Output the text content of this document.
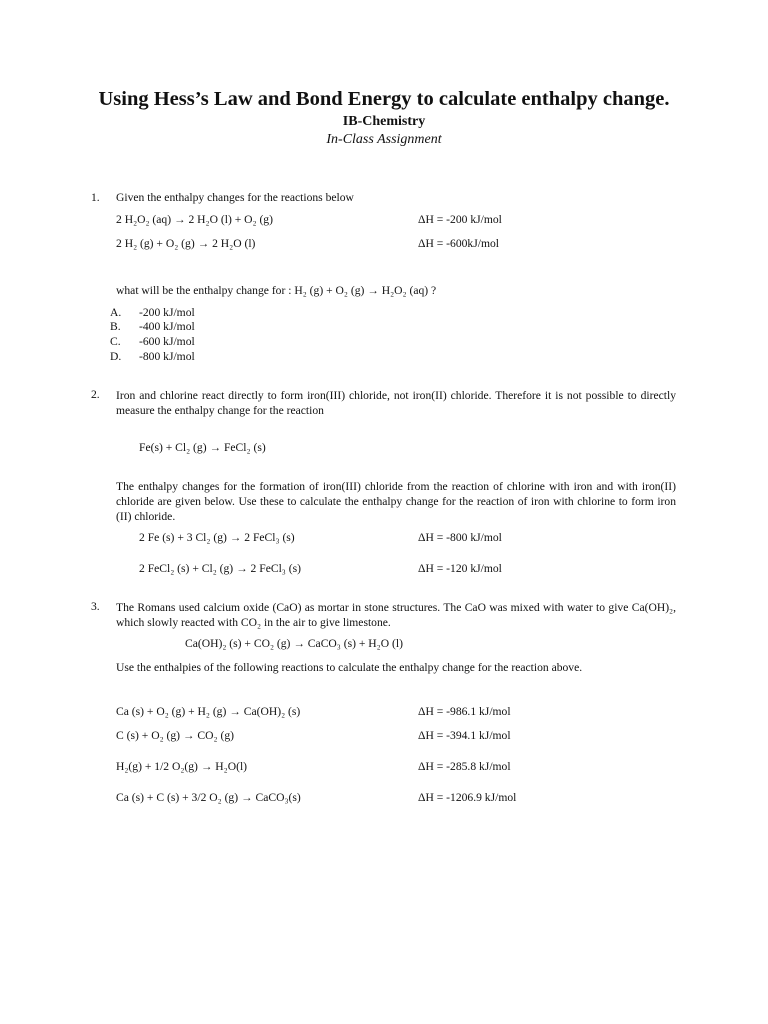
Using Hess’s Law and Bond Energy to calculate enthalpy change.
IB-Chemistry
In-Class Assignment
1. Given the enthalpy changes for the reactions below
2 H₂O₂ (aq) → 2 H₂O (l) + O₂ (g)	ΔH = -200 kJ/mol
2 H₂ (g) + O₂ (g) → 2 H₂O (l)	ΔH = -600kJ/mol
what will be the enthalpy change for : H₂ (g) + O₂ (g) → H₂O₂ (aq) ?
A. -200 kJ/mol
B. -400 kJ/mol
C. -600 kJ/mol
D. -800 kJ/mol
2. Iron and chlorine react directly to form iron(III) chloride, not iron(II) chloride. Therefore it is not possible to directly measure the enthalpy change for the reaction
Fe(s) + Cl₂ (g) → FeCl₂ (s)
The enthalpy changes for the formation of iron(III) chloride from the reaction of chlorine with iron and with iron(II) chloride are given below. Use these to calculate the enthalpy change for the reaction of iron with chlorine to form iron (II) chloride.
2 Fe (s) + 3 Cl₂ (g) → 2 FeCl₃ (s)	ΔH = -800 kJ/mol
2 FeCl₂ (s) + Cl₂ (g) → 2 FeCl₃ (s)	ΔH = -120 kJ/mol
3. The Romans used calcium oxide (CaO) as mortar in stone structures. The CaO was mixed with water to give Ca(OH)₂, which slowly reacted with CO₂ in the air to give limestone.
Ca(OH)₂ (s) + CO₂ (g) → CaCO₃ (s) + H₂O (l)
Use the enthalpies of the following reactions to calculate the enthalpy change for the reaction above.
Ca (s) + O₂ (g) + H₂ (g) → Ca(OH)₂ (s)	ΔH = -986.1 kJ/mol
C (s) + O₂ (g) → CO₂ (g)	ΔH = -394.1 kJ/mol
H₂(g) + 1/2 O₂(g) → H₂O(l)	ΔH = -285.8 kJ/mol
Ca (s) + C (s) + 3/2 O₂ (g) → CaCO₃(s)	ΔH = -1206.9 kJ/mol
